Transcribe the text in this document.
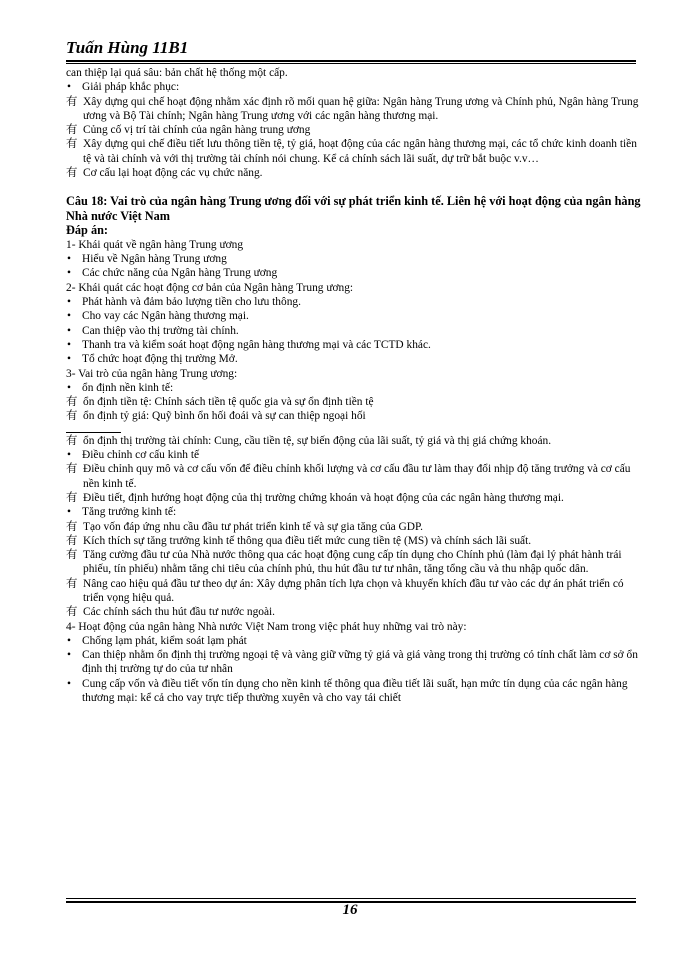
Tuấn Hùng 11B1
can thiệp lại quá sâu: bản chất hệ thống một cấp.
• Giải pháp khắc phục:
有 Xây dựng qui chế hoạt động nhằm xác định rõ mối quan hệ giữa: Ngân hàng Trung ương và Chính phủ, Ngân hàng Trung ương và Bộ Tài chính; Ngân hàng Trung ương với các ngân hàng thương mại.
有 Củng cố vị trí tài chính của ngân hàng trung ương
有 Xây dựng qui chế điều tiết lưu thông tiền tệ, tỷ giá, hoạt động của các ngân hàng thương mại, các tổ chức kinh doanh tiền tệ và tài chính và với thị trường tài chính nói chung. Kể cả chính sách lãi suất, dự trữ bắt buộc v.v…
有 Cơ cấu lại hoạt động các vụ chức năng.
Câu 18: Vai trò của ngân hàng Trung ương đối với sự phát triển kinh tế. Liên hệ với hoạt động của ngân hàng Nhà nước Việt Nam
Đáp án:
1- Khái quát về ngân hàng Trung ương
• Hiểu về Ngân hàng Trung ương
• Các chức năng của Ngân hàng Trung ương
2- Khái quát các hoạt động cơ bản của Ngân hàng Trung ương:
• Phát hành và đảm bảo lượng tiền cho lưu thông.
• Cho vay các Ngân hàng thương mại.
• Can thiệp vào thị trường tài chính.
• Thanh tra và kiểm soát hoạt động ngân hàng thương mại và các TCTD khác.
• Tổ chức hoạt động thị trường Mở.
3- Vai trò của ngân hàng Trung ương:
• ổn định nền kinh tế:
有 ổn định tiền tệ: Chính sách tiền tệ quốc gia và sự ổn định tiền tệ
有 ổn định tỷ giá: Quỹ bình ổn hối đoái và sự can thiệp ngoại hối
有 ổn định thị trường tài chính: Cung, cầu tiền tệ, sự biến động của lãi suất, tỷ giá và thị giá chứng khoán.
• Điều chỉnh cơ cấu kinh tế
有 Điều chỉnh quy mô và cơ cấu vốn để điều chỉnh khối lượng và cơ cấu đầu tư làm thay đổi nhịp độ tăng trưởng và cơ cấu nền kinh tế.
有 Điều tiết, định hướng hoạt động của thị trường chứng khoán và hoạt động của các ngân hàng thương mại.
• Tăng trưởng kinh tế:
有 Tạo vốn đáp ứng nhu cầu đầu tư phát triển kinh tế và sự gia tăng của GDP.
有 Kích thích sự tăng trưởng kinh tế thông qua điều tiết mức cung tiền tệ (MS) và chính sách lãi suất.
有 Tăng cường đầu tư của Nhà nước thông qua các hoạt động cung cấp tín dụng cho Chính phủ (làm đại lý phát hành trái phiếu, tín phiếu) nhằm tăng chi tiêu của chính phủ, thu hút đầu tư tư nhân, tăng tổng cầu và thu nhập quốc dân.
有 Nâng cao hiệu quả đầu tư theo dự án: Xây dựng phân tích lựa chọn và khuyến khích đầu tư vào các dự án phát triển có triển vọng hiệu quả.
有 Các chính sách thu hút đầu tư nước ngoài.
4- Hoạt động của ngân hàng Nhà nước Việt Nam trong việc phát huy những vai trò này:
• Chống lạm phát, kiểm soát lạm phát
• Can thiệp nhằm ổn định thị trường ngoại tệ và vàng giữ vững tỷ giá và giá vàng trong thị trường có tính chất làm cơ sở ổn định thị trường tự do của tư nhân
• Cung cấp vốn và điều tiết vốn tín dụng cho nền kinh tế thông qua điều tiết lãi suất, hạn mức tín dụng của các ngân hàng thương mại: kể cả cho vay trực tiếp thường xuyên và cho vay tái chiết
16
